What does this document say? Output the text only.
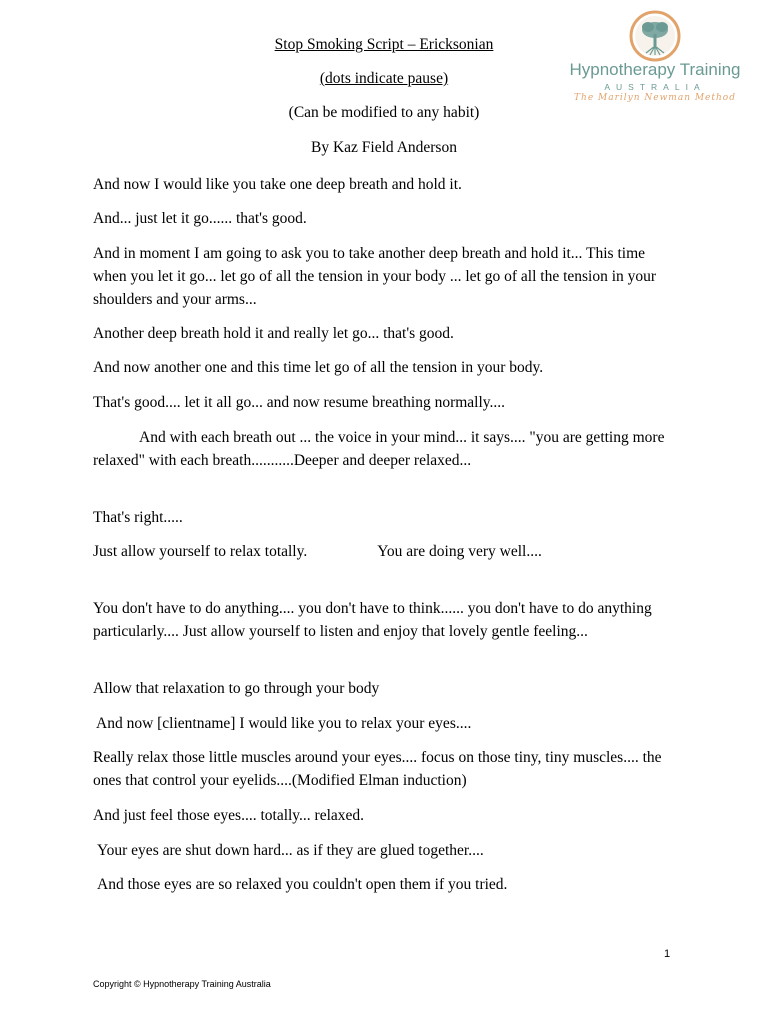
Hypnotherapy Training
AUSTRALIA
The Marilyn Newman Method
Stop Smoking Script – Ericksonian
(dots indicate pause)
(Can be modified to any habit)
By Kaz Field Anderson

And now I would like you take one deep breath and hold it.

And... just let it go...... that's good.

And in moment I am going to ask you to take another deep breath and hold it... This time when you let it go... let go of all the tension in your body ... let go of all the tension in your shoulders and your arms...

Another deep breath hold it and really let go... that's good.

And now another one and this time let go of all the tension in your body.

That's good.... let it all go... and now resume breathing normally....

And with each breath out ... the voice in your mind... it says.... "you are getting more relaxed" with each breath...........Deeper and deeper relaxed...

That's right.....

Just allow yourself to relax totally.	You are doing very well....

You don't have to do anything.... you don't have to think...... you don't have to do anything particularly.... Just allow yourself to listen and enjoy that lovely gentle feeling...

Allow that relaxation to go through your body

And now [clientname] I would like you to relax your eyes....

Really relax those little muscles around your eyes.... focus on those tiny, tiny muscles.... the ones that control your eyelids....(Modified Elman induction)

And just feel those eyes.... totally... relaxed.

Your eyes are shut down hard... as if they are glued together....

And those eyes are so relaxed you couldn't open them if you tried.

1
Copyright © Hypnotherapy Training Australia
